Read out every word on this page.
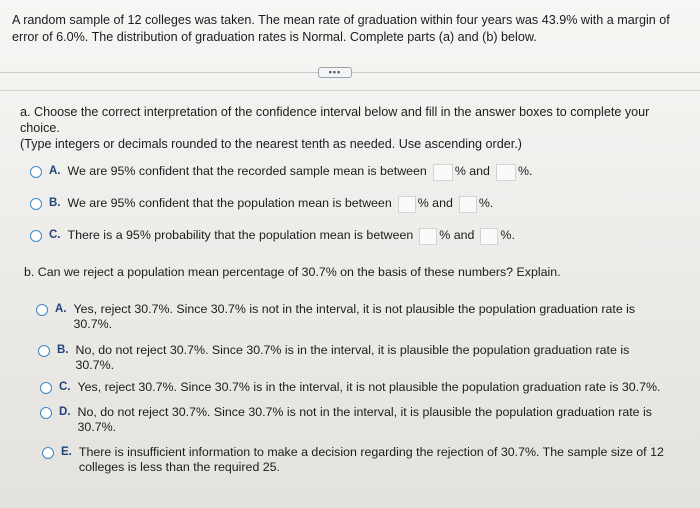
A random sample of 12 colleges was taken. The mean rate of graduation within four years was 43.9% with a margin of error of 6.0%. The distribution of graduation rates is Normal. Complete parts (a) and (b) below.
•••
a. Choose the correct interpretation of the confidence interval below and fill in the answer boxes to complete your choice.
(Type integers or decimals rounded to the nearest tenth as needed. Use ascending order.)
A. We are 95% confident that the recorded sample mean is between % and %.
B. We are 95% confident that the population mean is between % and %.
C. There is a 95% probability that the population mean is between % and %.
b. Can we reject a population mean percentage of 30.7% on the basis of these numbers? Explain.
A. Yes, reject 30.7%. Since 30.7% is not in the interval, it is not plausible the population graduation rate is 30.7%.
B. No, do not reject 30.7%. Since 30.7% is in the interval, it is plausible the population graduation rate is 30.7%.
C. Yes, reject 30.7%. Since 30.7% is in the interval, it is not plausible the population graduation rate is 30.7%.
D. No, do not reject 30.7%. Since 30.7% is not in the interval, it is plausible the population graduation rate is 30.7%.
E. There is insufficient information to make a decision regarding the rejection of 30.7%. The sample size of 12 colleges is less than the required 25.
